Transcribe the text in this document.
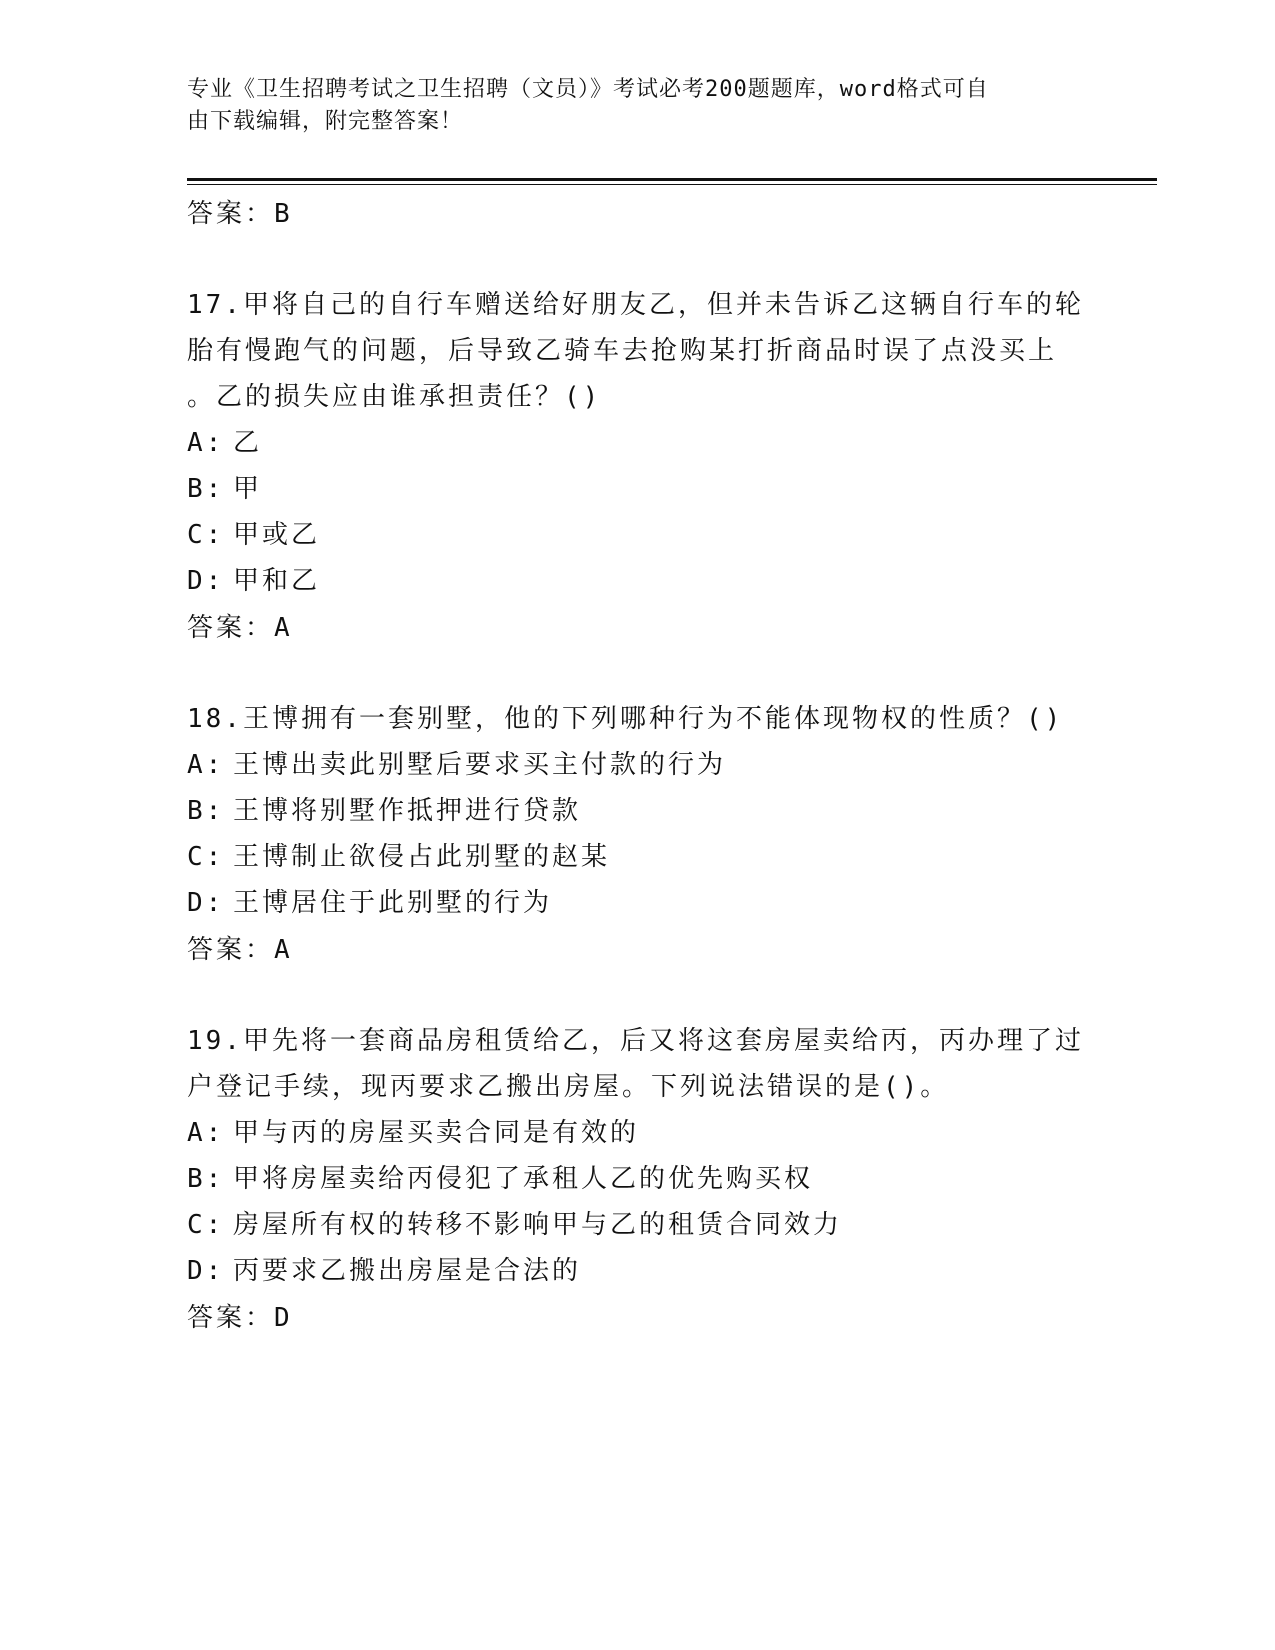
专业《卫生招聘考试之卫生招聘（文员）》考试必考200题题库，word格式可自
由下载编辑，附完整答案！
答案：B
17.甲将自己的自行车赠送给好朋友乙，但并未告诉乙这辆自行车的轮
胎有慢跑气的问题，后导致乙骑车去抢购某打折商品时误了点没买上
。乙的损失应由谁承担责任？()
A: 乙
B: 甲
C: 甲或乙
D: 甲和乙
答案：A
18.王博拥有一套别墅，他的下列哪种行为不能体现物权的性质？()
A: 王博出卖此别墅后要求买主付款的行为
B: 王博将别墅作抵押进行贷款
C: 王博制止欲侵占此别墅的赵某
D: 王博居住于此别墅的行为
答案：A
19.甲先将一套商品房租赁给乙，后又将这套房屋卖给丙，丙办理了过
户登记手续，现丙要求乙搬出房屋。下列说法错误的是()。
A: 甲与丙的房屋买卖合同是有效的
B: 甲将房屋卖给丙侵犯了承租人乙的优先购买权
C: 房屋所有权的转移不影响甲与乙的租赁合同效力
D: 丙要求乙搬出房屋是合法的
答案：D
